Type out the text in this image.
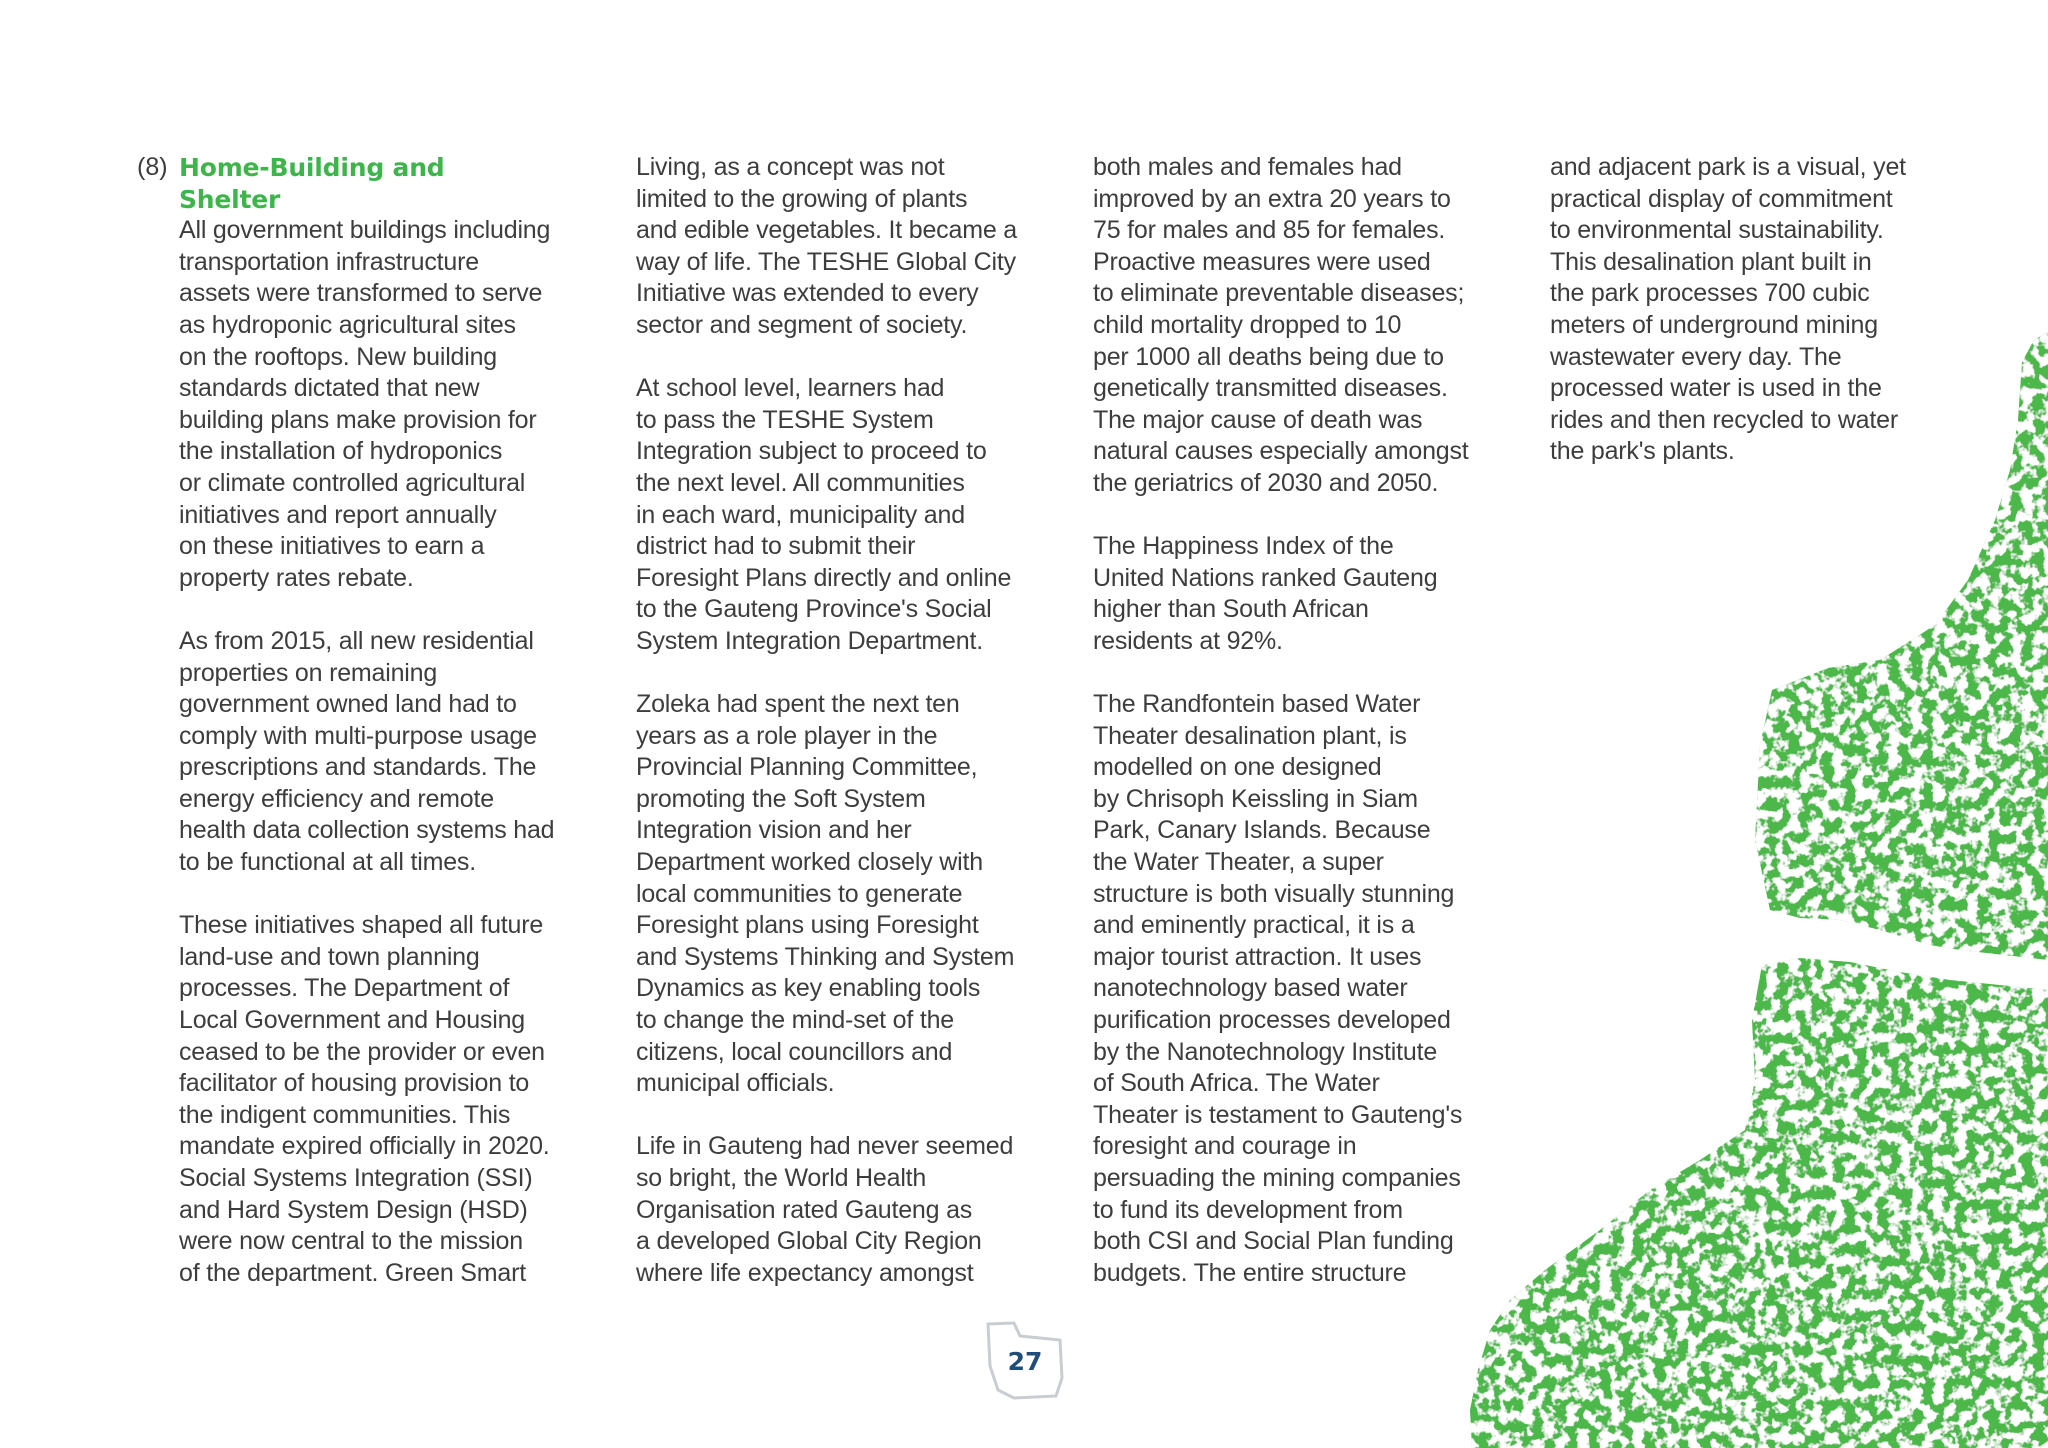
(8) Home-Building and
Shelter

All government buildings including
transportation infrastructure
assets were transformed to serve
as hydroponic agricultural sites
on the rooftops. New building
standards dictated that new
building plans make provision for
the installation of hydroponics
or climate controlled agricultural
initiatives and report annually
on these initiatives to earn a
property rates rebate.

As from 2015, all new residential
properties on remaining
government owned land had to
comply with multi-purpose usage
prescriptions and standards. The
energy efficiency and remote
health data collection systems had
to be functional at all times.

These initiatives shaped all future
land-use and town planning
processes. The Department of
Local Government and Housing
ceased to be the provider or even
facilitator of housing provision to
the indigent communities. This
mandate expired officially in 2020.
Social Systems Integration (SSI)
and Hard System Design (HSD)
were now central to the mission
of the department. Green Smart

Living, as a concept was not
limited to the growing of plants
and edible vegetables. It became a
way of life. The TESHE Global City
Initiative was extended to every
sector and segment of society.

At school level, learners had
to pass the TESHE System
Integration subject to proceed to
the next level. All communities
in each ward, municipality and
district had to submit their
Foresight Plans directly and online
to the Gauteng Province's Social
System Integration Department.

Zoleka had spent the next ten
years as a role player in the
Provincial Planning Committee,
promoting the Soft System
Integration vision and her
Department worked closely with
local communities to generate
Foresight plans using Foresight
and Systems Thinking and System
Dynamics as key enabling tools
to change the mind-set of the
citizens, local councillors and
municipal officials.

Life in Gauteng had never seemed
so bright, the World Health
Organisation rated Gauteng as
a developed Global City Region
where life expectancy amongst

both males and females had
improved by an extra 20 years to
75 for males and 85 for females.
Proactive measures were used
to eliminate preventable diseases;
child mortality dropped to 10
per 1000 all deaths being due to
genetically transmitted diseases.
The major cause of death was
natural causes especially amongst
the geriatrics of 2030 and 2050.

The Happiness Index of the
United Nations ranked Gauteng
higher than South African
residents at 92%.

The Randfontein based Water
Theater desalination plant, is
modelled on one designed
by Chrisoph Keissling in Siam
Park, Canary Islands. Because
the Water Theater, a super
structure is both visually stunning
and eminently practical, it is a
major tourist attraction. It uses
nanotechnology based water
purification processes developed
by the Nanotechnology Institute
of South Africa. The Water
Theater is testament to Gauteng's
foresight and courage in
persuading the mining companies
to fund its development from
both CSI and Social Plan funding
budgets. The entire structure

and adjacent park is a visual, yet
practical display of commitment
to environmental sustainability.
This desalination plant built in
the park processes 700 cubic
meters of underground mining
wastewater every day. The
processed water is used in the
rides and then recycled to water
the park's plants.

27
